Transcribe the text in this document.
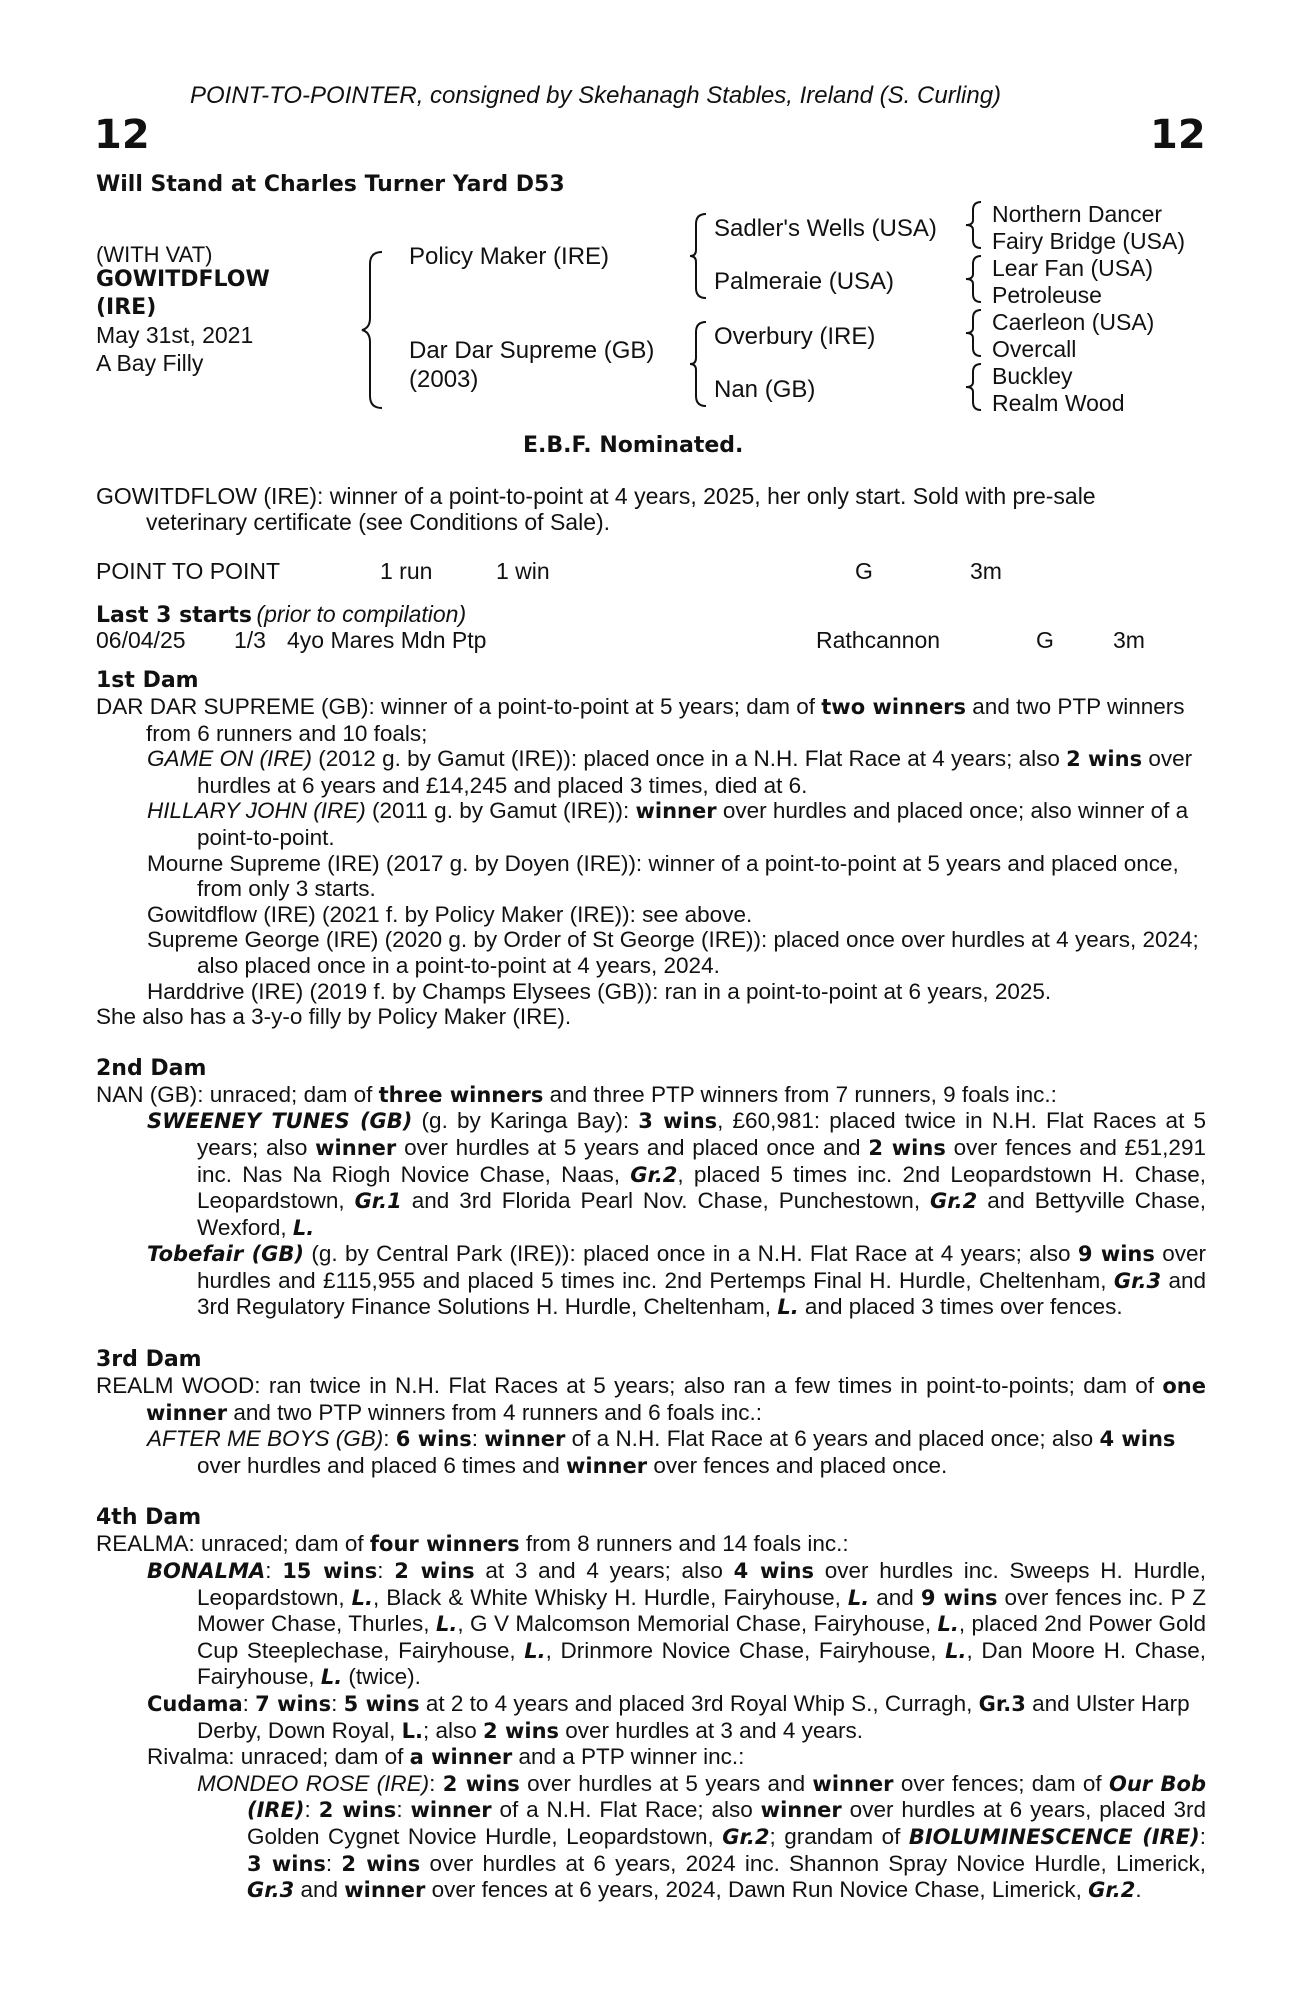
POINT-TO-POINTER, consigned by Skehanagh Stables, Ireland (S. Curling)
12	12
Will Stand at Charles Turner Yard D53
(WITH VAT)
GOWITDFLOW
(IRE)
May 31st, 2021
A Bay Filly
Policy Maker (IRE)
Dar Dar Supreme (GB)
(2003)
Sadler's Wells (USA)
Palmeraie (USA)
Overbury (IRE)
Nan (GB)
Northern Dancer
Fairy Bridge (USA)
Lear Fan (USA)
Petroleuse
Caerleon (USA)
Overcall
Buckley
Realm Wood
E.B.F. Nominated.
GOWITDFLOW (IRE): winner of a point-to-point at 4 years, 2025, her only start. Sold with pre-sale
veterinary certificate (see Conditions of Sale).
POINT TO POINT	1 run	1 win	G	3m
Last 3 starts (prior to compilation)
06/04/25 1/3 4yo Mares Mdn Ptp	Rathcannon	G	3m
1st Dam

DAR DAR SUPREME (GB): winner of a point-to-point at 5 years; dam of two winners and two PTP winners from 6 runners and 10 foals;

GAME ON (IRE) (2012 g. by Gamut (IRE)): placed once in a N.H. Flat Race at 4 years; also 2 wins over hurdles at 6 years and £14,245 and placed 3 times, died at 6.

HILLARY JOHN (IRE) (2011 g. by Gamut (IRE)): winner over hurdles and placed once; also winner of a point-to-point.

Mourne Supreme (IRE) (2017 g. by Doyen (IRE)): winner of a point-to-point at 5 years and placed once, from only 3 starts.

Gowitdflow (IRE) (2021 f. by Policy Maker (IRE)): see above.

Supreme George (IRE) (2020 g. by Order of St George (IRE)): placed once over hurdles at 4 years, 2024; also placed once in a point-to-point at 4 years, 2024.

Harddrive (IRE) (2019 f. by Champs Elysees (GB)): ran in a point-to-point at 6 years, 2025.

She also has a 3-y-o filly by Policy Maker (IRE).

2nd Dam

NAN (GB): unraced; dam of three winners and three PTP winners from 7 runners, 9 foals inc.:

SWEENEY TUNES (GB) (g. by Karinga Bay): 3 wins, £60,981: placed twice in N.H. Flat Races at 5 years; also winner over hurdles at 5 years and placed once and 2 wins over fences and £51,291 inc. Nas Na Riogh Novice Chase, Naas, Gr.2, placed 5 times inc. 2nd Leopardstown H. Chase, Leopardstown, Gr.1 and 3rd Florida Pearl Nov. Chase, Punchestown, Gr.2 and Bettyville Chase, Wexford, L.

Tobefair (GB) (g. by Central Park (IRE)): placed once in a N.H. Flat Race at 4 years; also 9 wins over hurdles and £115,955 and placed 5 times inc. 2nd Pertemps Final H. Hurdle, Cheltenham, Gr.3 and 3rd Regulatory Finance Solutions H. Hurdle, Cheltenham, L. and placed 3 times over fences.

3rd Dam

REALM WOOD: ran twice in N.H. Flat Races at 5 years; also ran a few times in point-to-points; dam of one winner and two PTP winners from 4 runners and 6 foals inc.:

AFTER ME BOYS (GB): 6 wins: winner of a N.H. Flat Race at 6 years and placed once; also 4 wins over hurdles and placed 6 times and winner over fences and placed once.

4th Dam

REALMA: unraced; dam of four winners from 8 runners and 14 foals inc.:

BONALMA: 15 wins: 2 wins at 3 and 4 years; also 4 wins over hurdles inc. Sweeps H. Hurdle, Leopardstown, L., Black & White Whisky H. Hurdle, Fairyhouse, L. and 9 wins over fences inc. P Z Mower Chase, Thurles, L., G V Malcomson Memorial Chase, Fairyhouse, L., placed 2nd Power Gold Cup Steeplechase, Fairyhouse, L., Drinmore Novice Chase, Fairyhouse, L., Dan Moore H. Chase, Fairyhouse, L. (twice).

Cudama: 7 wins: 5 wins at 2 to 4 years and placed 3rd Royal Whip S., Curragh, Gr.3 and Ulster Harp Derby, Down Royal, L.; also 2 wins over hurdles at 3 and 4 years.

Rivalma: unraced; dam of a winner and a PTP winner inc.:

MONDEO ROSE (IRE): 2 wins over hurdles at 5 years and winner over fences; dam of Our Bob (IRE): 2 wins: winner of a N.H. Flat Race; also winner over hurdles at 6 years, placed 3rd Golden Cygnet Novice Hurdle, Leopardstown, Gr.2; grandam of BIOLUMINESCENCE (IRE): 3 wins: 2 wins over hurdles at 6 years, 2024 inc. Shannon Spray Novice Hurdle, Limerick, Gr.3 and winner over fences at 6 years, 2024, Dawn Run Novice Chase, Limerick, Gr.2.
